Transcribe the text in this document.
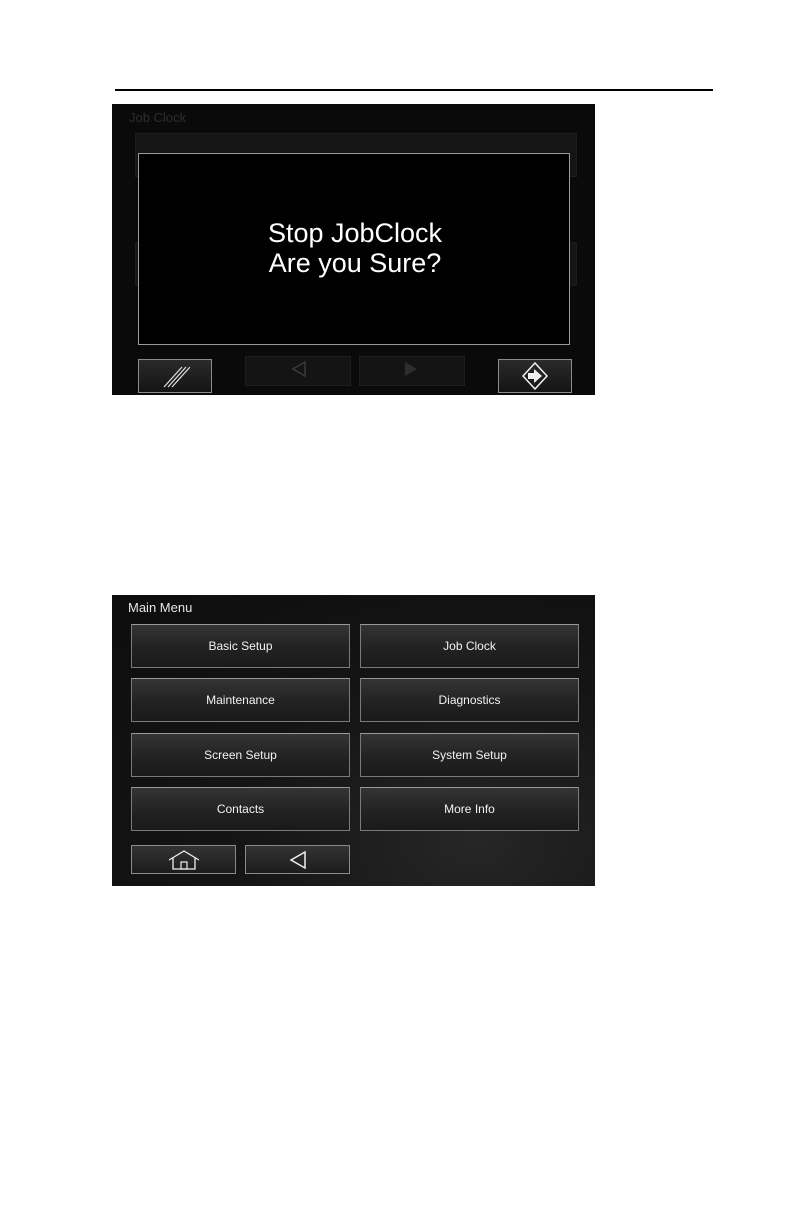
Job Clock
Stop JobClock
Are you Sure?
Main Menu
Basic Setup	Job Clock
Maintenance	Diagnostics
Screen Setup	System Setup
Contacts	More Info
